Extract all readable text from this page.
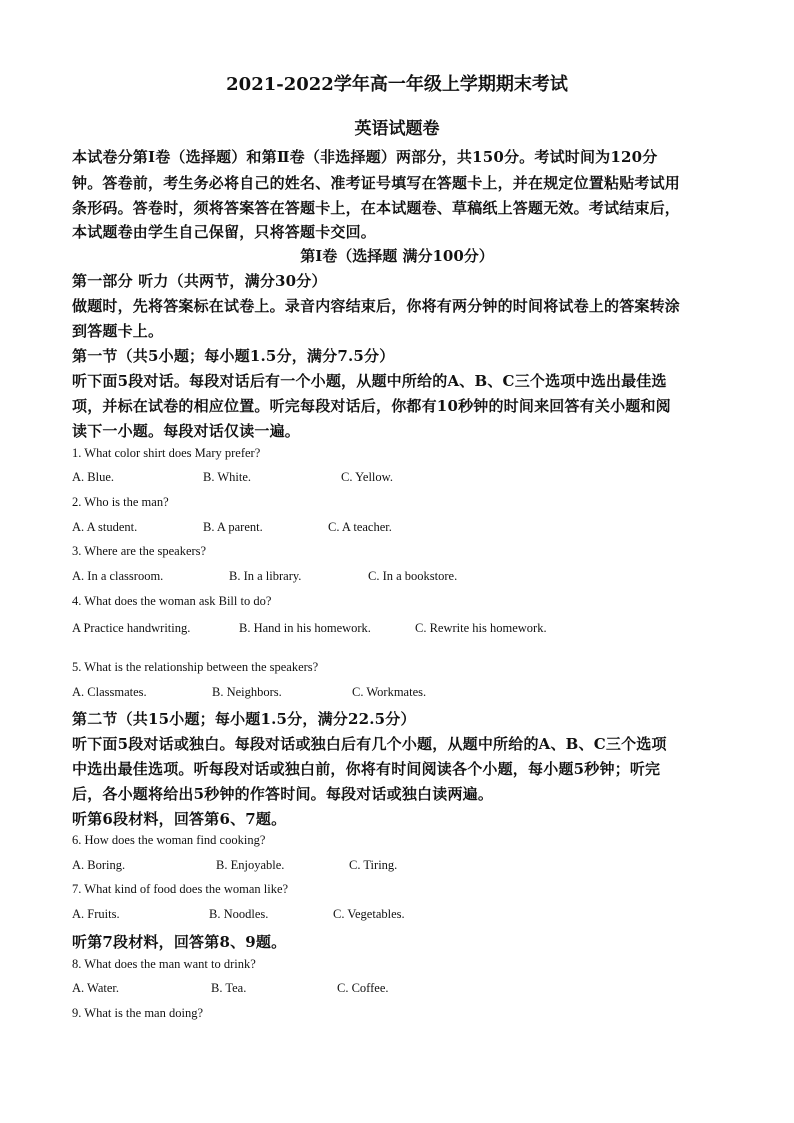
2021-2022学年高一年级上学期期末考试
英语试题卷
本试卷分第Ⅰ卷（选择题）和第Ⅱ卷（非选择题）两部分，共150分。考试时间为120分
钟。答卷前，考生务必将自己的姓名、准考证号填写在答题卡上，并在规定位置粘贴考试用
条形码。答卷时，须将答案答在答题卡上，在本试题卷、草稿纸上答题无效。考试结束后，
本试题卷由学生自己保留，只将答题卡交回。
第Ⅰ卷（选择题 满分100分）
第一部分 听力（共两节，满分30分）
做题时，先将答案标在试卷上。录音内容结束后，你将有两分钟的时间将试卷上的答案转涂
到答题卡上。
第一节（共5小题；每小题1.5分，满分7.5分）
听下面5段对话。每段对话后有一个小题，从题中所给的A、B、C三个选项中选出最佳选
项，并标在试卷的相应位置。听完每段对话后，你都有10秒钟的时间来回答有关小题和阅
读下一小题。每段对话仅读一遍。
1. What color shirt does Mary prefer?
A. Blue.	B. White.	C. Yellow.
2. Who is the man?
A. A student.	B. A parent.	C. A teacher.
3. Where are the speakers?
A. In a classroom.	B. In a library.	C. In a bookstore.
4. What does the woman ask Bill to do?
A Practice handwriting.	B. Hand in his homework.	C. Rewrite his homework.
5. What is the relationship between the speakers?
A. Classmates.	B. Neighbors.	C. Workmates.
第二节（共15小题；每小题1.5分，满分22.5分）
听下面5段对话或独白。每段对话或独白后有几个小题，从题中所给的A、B、C三个选项
中选出最佳选项。听每段对话或独白前，你将有时间阅读各个小题，每小题5秒钟；听完
后，各小题将给出5秒钟的作答时间。每段对话或独白读两遍。
听第6段材料，回答第6、7题。
6. How does the woman find cooking?
A. Boring.	B. Enjoyable.	C. Tiring.
7. What kind of food does the woman like?
A. Fruits.	B. Noodles.	C. Vegetables.
听第7段材料，回答第8、9题。
8. What does the man want to drink?
A. Water.	B. Tea.	C. Coffee.
9. What is the man doing?
